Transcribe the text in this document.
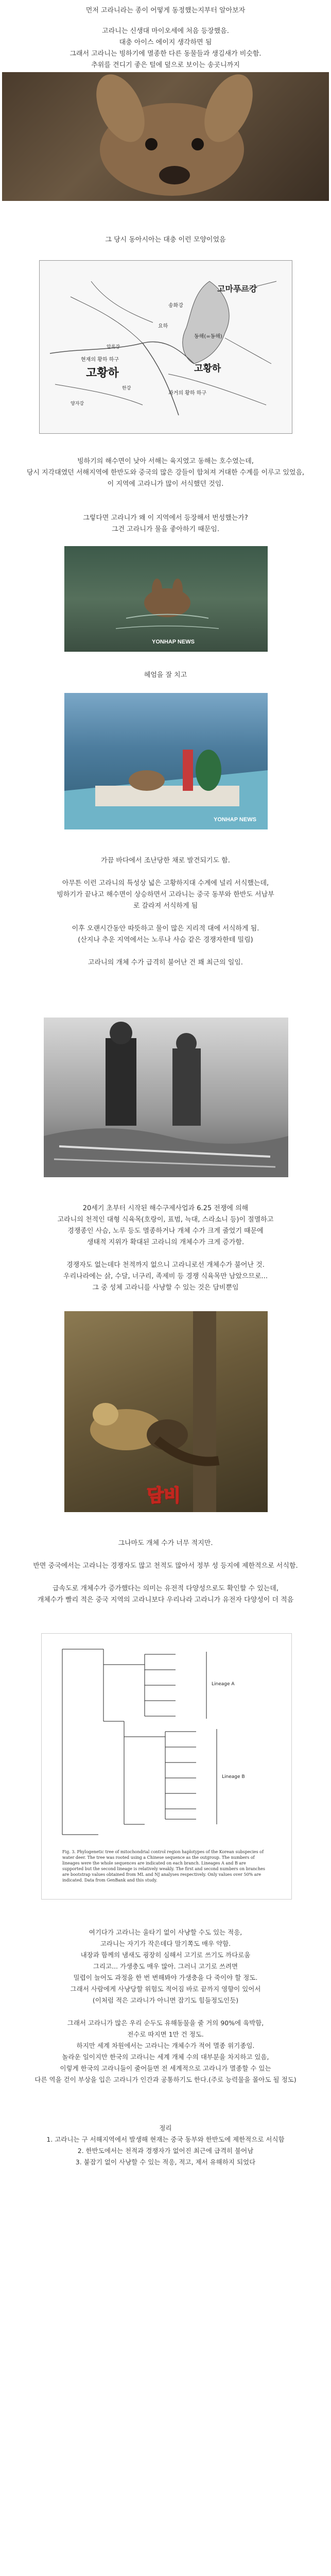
먼저 고라니라는 종이 어떻게 동정했는지부터 알아보자

고라니는 신생대 마이오세에 처음 등장했음.

대충 아이스 에이지 생각하면 됨

그래서 고라니는 빙하기에 멸종한 다른 동물들과 생김새가 비슷함.

추위를 견디기 좋은 털에 덮으로 보이는 송곳니까지

그 당시 동아시아는 대충 이런 모양이었음

고마푸르강
송화강
요하
동해(=동해)
현재의 황하 하구
고황하	고황하
과거의 황하 하구
압록강
한강
양자강

빙하기의 해수면이 낮아 서해는 육지였고 동해는 호수였는데,

당시 지각대였던 서해지역에 한반도와 중국의 많은 강들이 합쳐져 거대한 수계를 이루고 있었음,

이 지역에 고라니가 많이 서식했던 것임.

그렇다면 고라니가 왜 이 지역에서 등장해서 번성했는가?

그건 고라니가 물을 좋아하기 때문임.

YONHAP NEWS

헤엄을 잘 치고

YONHAP NEWS

가끔 바다에서 조난당한 채로 발견되기도 함.

아무튼 이런 고라니의 특성상 넓은 고황하지대 수계에 널리 서식했는데,

빙하기가 끝나고 해수면이 상승하면서 고라니는 중국 동부와 한반도 서남부

로 갈라져 서식하게 됨

이후 오랜시간동안 따뜻하고 물이 많은 지리적 대에 서식하게 됨.

(산지나 추운 지역에서는 노루나 사슴 같은 경쟁자한테 밀림)

고라니의 개체 수가 급격히 불어난 건 꽤 최근의 일임.

20세기 초부터 시작된 해수구제사업과 6.25 전쟁에 의해

고라니의 천적인 대형 식육목(호랑이, 표범, 늑대, 스라소니 등)이 절멸하고

경쟁종인 사슴, 노루 등도 멸종하거나 개체 수가 크게 줄었기 때문에

생태적 지위가 확대된 고라니의 개체수가 크게 증가함.

경쟁자도 없는데다 천적까지 없으니 고라니로선 개체수가 불어난 것.

우리나라에는 삵, 수달, 너구리, 족제비 등 경쟁 식육목만 남았으므로...

그 중 성체 고라니를 사냥할 수 있는 것은 담비뿐임

담비

그나마도 개체 수가 너무 적지만.

반면 중국에서는 고라니는 경쟁자도 많고 천적도 많아서 정부 성 등지에 제한적으로 서식함.

급속도로 개체수가 증가했다는 의미는 유전적 다양성으로도 확인할 수 있는데,

개체수가 빨리 적은 중국 지역의 고라니보다 우리나라 고라니가 유전자 다양성이 더 적음

Lineage A
Lineage B
Fig. 3. Phylogenetic tree of mitochondrial control region haplotypes of the Korean subspecies of water deer. The tree was rooted using a Chinese sequence as the outgroup. The numbers of lineages were the whole sequences are indicated on each branch. Lineages A and B are supported but the second lineage is relatively weakly. The first and second numbers on branches are bootstrap values obtained from ML and NJ analyses respectively. Only values over 50% are indicated. Data from GenBank and this study.

여기다가 고라니는 울타기 없이 사냥할 수도 있는 적응,

고라니는 자기가 작은데다 말기쪽도 매우 약함.

내장과 함께의 냄새도 굉장히 심해서 고기로 쓰기도 까다로움

그리고... 가생충도 매우 많아. 그러니 고기로 쓰려면

밀렵이 늘어도 과정을 한 번 변해봐야 가생충을 다 죽이야 할 정도.

그래서 사람에게 사냥당할 위험도 적어짐 바로 끝까지 영향이 있어서

(이처럼 적은 고라니가 아니면 잡기도 힘들정도인듯)

그래서 고라니가 많은 우리 순두도 유해동물을 줄 거의 90%에 육박함,

전수로 따지면 1만 건 정도.

하지만 세계 차원에서는 고라니는 개체수가 적어 멸종 위기종임.

놀라운 일이지만 한국의 고라니는 세계 개체 수의 대부분을 차지하고 있음,

이렇게 한국의 고라니들이 줄어들면 전 세계적으로 고라니가 멸종할 수 있는

다른 역을 걷이 부상을 입은 고라니가 인간과 공통하기도 한다.(주로 능력물을 몰아도 될 정도)

정리

1. 고라니는 구 서해지역에서 발생해 현재는 중국 동부와 한반도에 제한적으로 서식함

2. 한반도에서는 천적과 경쟁자가 없어진 최근에 급격히 불어남

3. 붙잡기 없이 사냥할 수 있는 적응, 적고, 제서 유해하지 되었다
